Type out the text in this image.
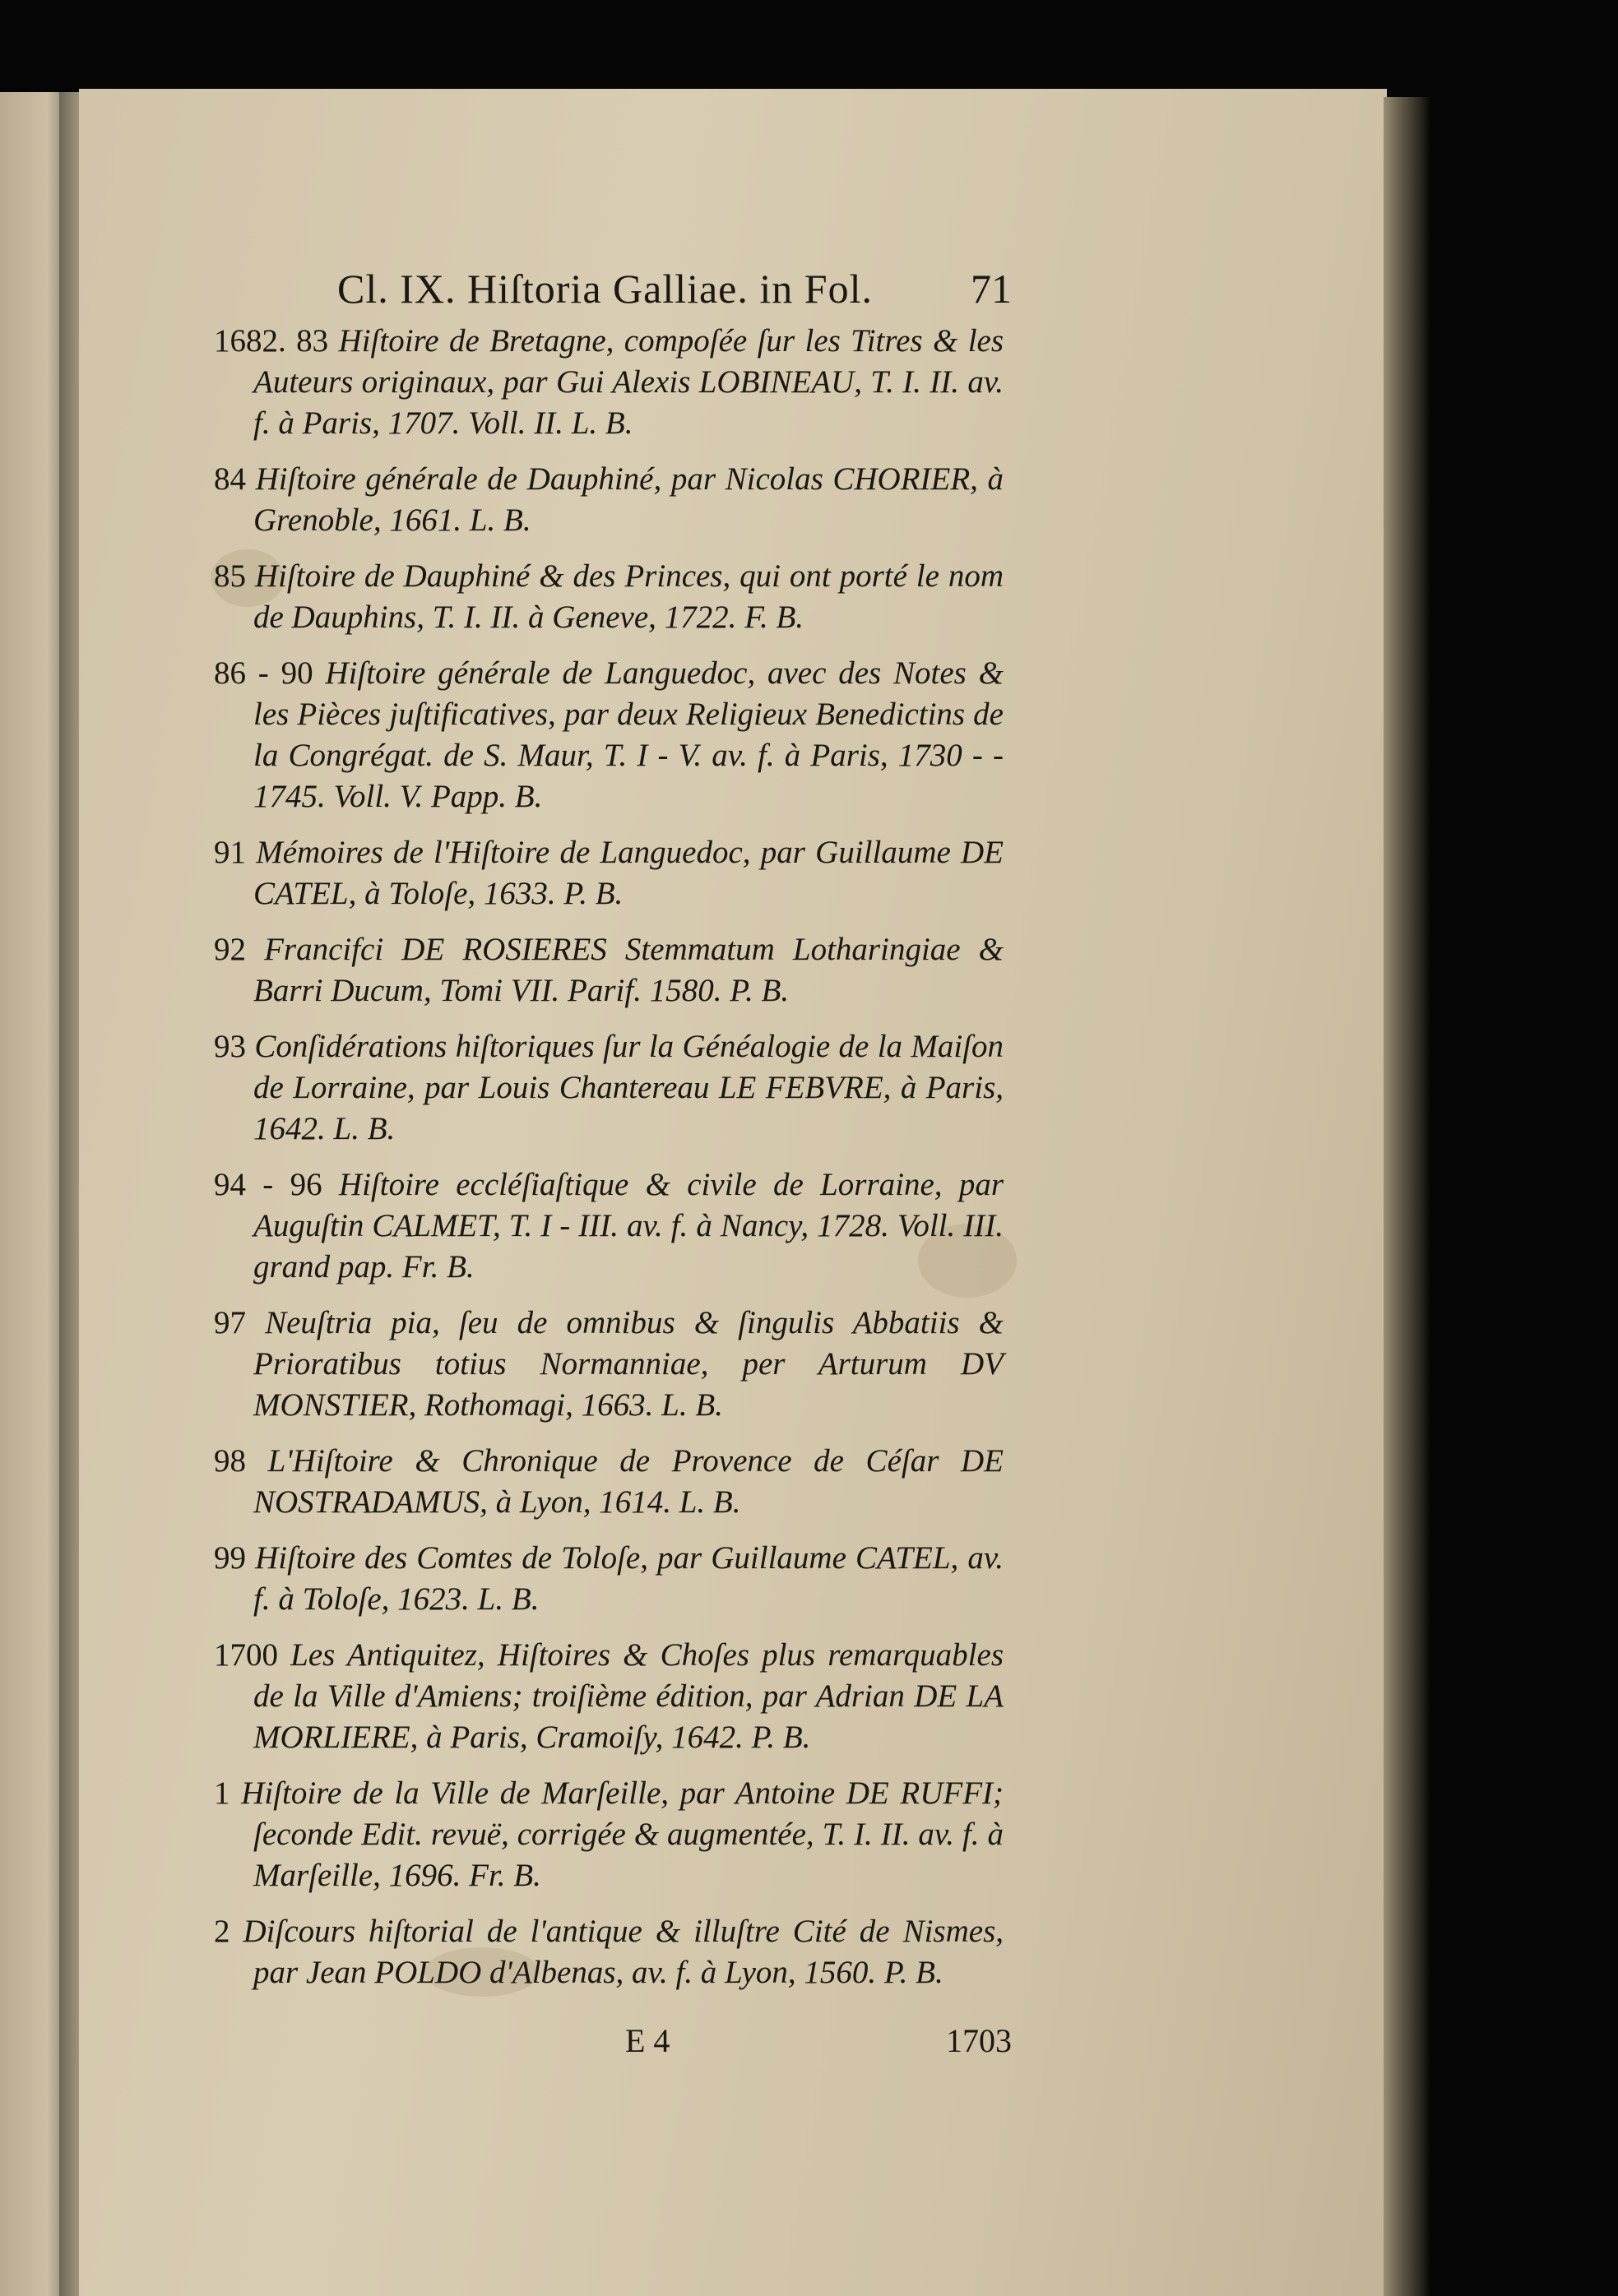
Cl. IX. Hiſtoria Galliae. in Fol. 71
1682. 83 Hiſtoire de Bretagne, compoſée ſur les Titres & les Auteurs originaux, par Gui Alexis LOBINEAU, T. I. II. av. f. à Paris, 1707. Voll. II. L. B.
84 Hiſtoire générale de Dauphiné, par Nicolas CHORIER, à Grenoble, 1661. L. B.
85 Hiſtoire de Dauphiné & des Princes, qui ont porté le nom de Dauphins, T. I. II. à Geneve, 1722. F. B.
86 - 90 Hiſtoire générale de Languedoc, avec des Notes & les Pièces juſtificatives, par deux Religieux Benedictins de la Congrégat. de S. Maur, T. I - V. av. f. à Paris, 1730 - - 1745. Voll. V. Papp. B.
91 Mémoires de l'Hiſtoire de Languedoc, par Guillaume DE CATEL, à Toloſe, 1633. P. B.
92 Francifci DE ROSIERES Stemmatum Lotharingiae & Barri Ducum, Tomi VII. Parif. 1580. P. B.
93 Conſidérations hiſtoriques ſur la Généalogie de la Maiſon de Lorraine, par Louis Chantereau LE FEBVRE, à Paris, 1642. L. B.
94 - 96 Hiſtoire eccléſiaſtique & civile de Lorraine, par Auguſtin CALMET, T. I - III. av. f. à Nancy, 1728. Voll. III. grand pap. Fr. B.
97 Neuſtria pia, ſeu de omnibus & ſingulis Abbatiis & Prioratibus totius Normanniae, per Arturum DV MONSTIER, Rothomagi, 1663. L. B.
98 L'Hiſtoire & Chronique de Provence de Céſar DE NOSTRADAMUS, à Lyon, 1614. L. B.
99 Hiſtoire des Comtes de Toloſe, par Guillaume CATEL, av. f. à Toloſe, 1623. L. B.
1700 Les Antiquitez, Hiſtoires & Choſes plus remarquables de la Ville d'Amiens; troiſième édition, par Adrian DE LA MORLIERE, à Paris, Cramoiſy, 1642. P. B.
1 Hiſtoire de la Ville de Marſeille, par Antoine DE RUFFI; ſeconde Edit. revuë, corrigée & augmentée, T. I. II. av. f. à Marſeille, 1696. Fr. B.
2 Diſcours hiſtorial de l'antique & illuſtre Cité de Nismes, par Jean POLDO d'Albenas, av. f. à Lyon, 1560. P. B.
E 4	1703
